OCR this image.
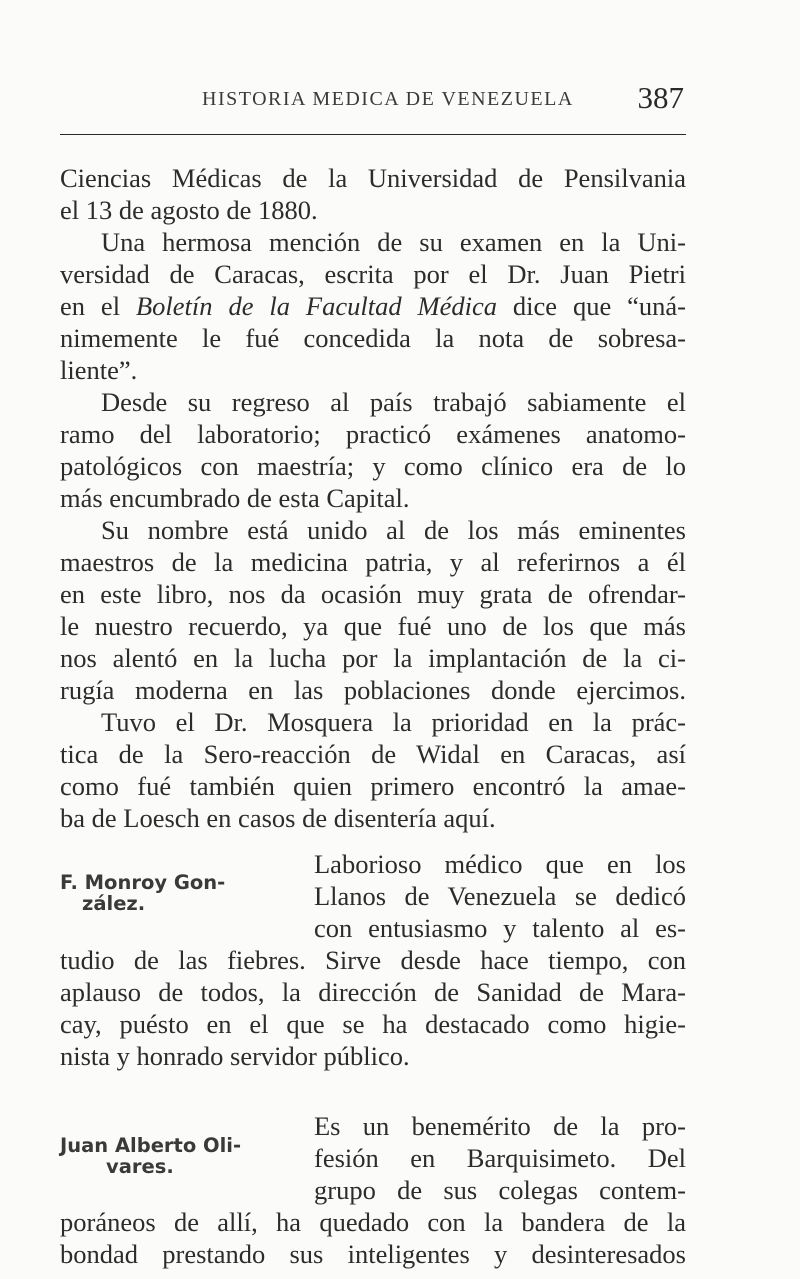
HISTORIA MEDICA DE VENEZUELA 387
Ciencias Médicas de la Universidad de Pensilvania
el 13 de agosto de 1880.
Una hermosa mención de su examen en la Uni-
versidad de Caracas, escrita por el Dr. Juan Pietri
en el Boletín de la Facultad Médica dice que “uná-
nimemente le fué concedida la nota de sobresa-
liente”.
Desde su regreso al país trabajó sabiamente el
ramo del laboratorio; practicó exámenes anatomo-
patológicos con maestría; y como clínico era de lo
más encumbrado de esta Capital.
Su nombre está unido al de los más eminentes
maestros de la medicina patria, y al referirnos a él
en este libro, nos da ocasión muy grata de ofrendar-
le nuestro recuerdo, ya que fué uno de los que más
nos alentó en la lucha por la implantación de la ci-
rugía moderna en las poblaciones donde ejercimos.
Tuvo el Dr. Mosquera la prioridad en la prác-
tica de la Sero-reacción de Widal en Caracas, así
como fué también quien primero encontró la amae-
ba de Loesch en casos de disentería aquí.
F. Monroy Gon-
zález.
Laborioso médico que en los
Llanos de Venezuela se dedicó
con entusiasmo y talento al es-
tudio de las fiebres. Sirve desde hace tiempo, con
aplauso de todos, la dirección de Sanidad de Mara-
cay, puésto en el que se ha destacado como higie-
nista y honrado servidor público.
Juan Alberto Oli-
vares.
Es un benemérito de la pro-
fesión en Barquisimeto. Del
grupo de sus colegas contem-
poráneos de allí, ha quedado con la bandera de la
bondad prestando sus inteligentes y desinteresados
